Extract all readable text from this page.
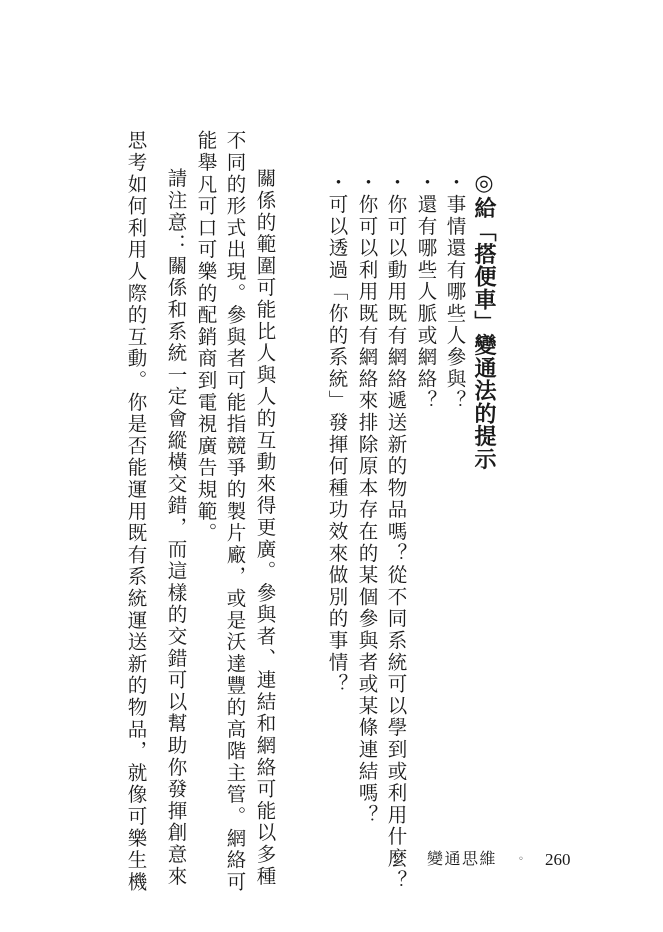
◎給「搭便車」變通法的提示
・事情還有哪些人參與？
・還有哪些人脈或網絡？
・你可以動用既有網絡遞送新的物品嗎？從不同系統可以學到或利用什麼？
・你可以利用既有網絡來排除原本存在的某個參與者或某條連結嗎？
・可以透過「你的系統」發揮何種功效來做別的事情？
關係的範圍可能比人與人的互動來得更廣。參與者、連結和網絡可能以多種
不同的形式出現。參與者可能指競爭的製片廠，或是沃達豐的高階主管。網絡可
能舉凡可口可樂的配銷商到電視廣告規範。
請注意：關係和系統一定會縱橫交錯，而這樣的交錯可以幫助你發揮創意來
思考如何利用人際的互動。你是否能運用既有系統運送新的物品，就像可樂生機	變通思維 ◦ 260
